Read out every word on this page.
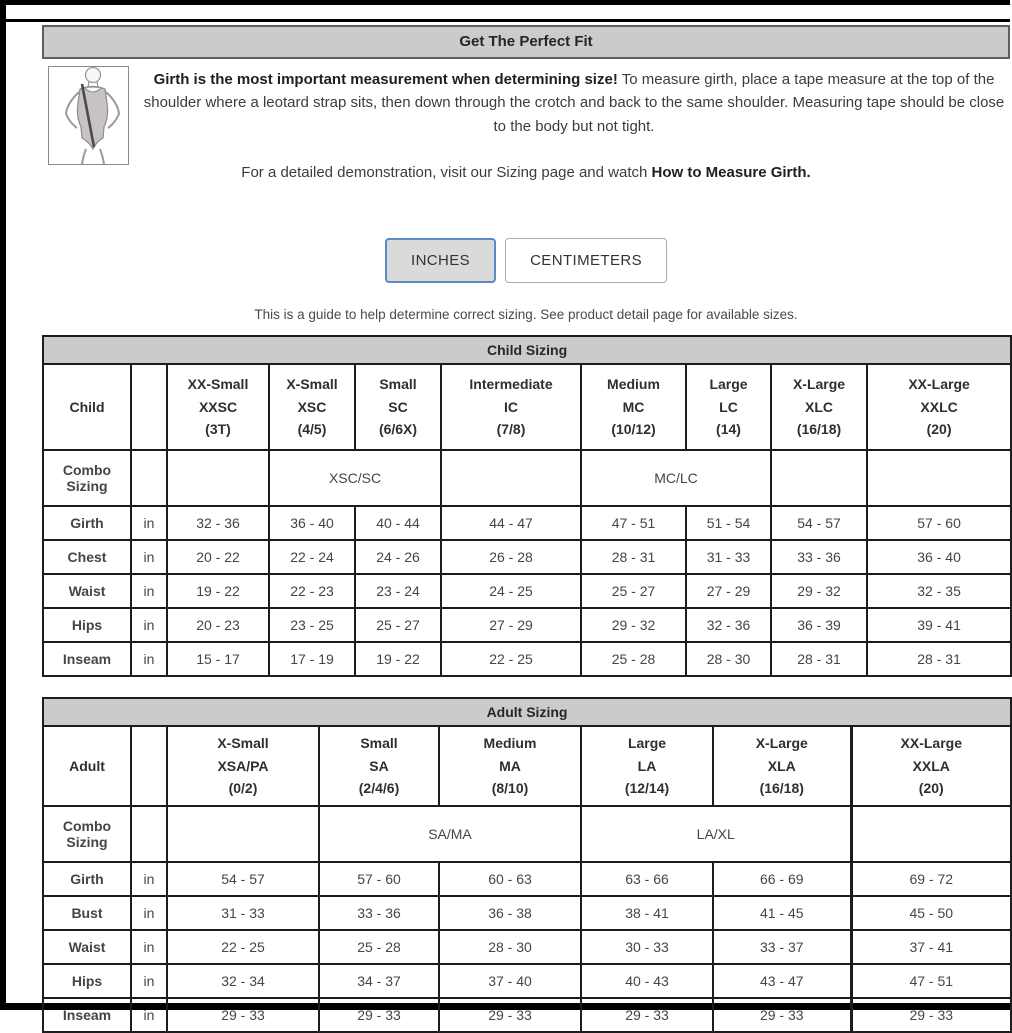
Get The Perfect Fit
Girth is the most important measurement when determining size! To measure girth, place a tape measure at the top of the shoulder where a leotard strap sits, then down through the crotch and back to the same shoulder. Measuring tape should be close to the body but not tight.
For a detailed demonstration, visit our Sizing page and watch How to Measure Girth.
INCHES	CENTIMETERS
This is a guide to help determine correct sizing. See product detail page for available sizes.
Child Sizing									
Child		XX-Small
XXSC
(3T)	X-Small
XSC
(4/5)	Small
SC
(6/6X)	Intermediate
IC
(7/8)	Medium
MC
(10/12)	Large
LC
(14)	X-Large
XLC
(16/18)	XX-Large
XXLC
(20)
Combo Sizing			XSC/SC			MC/LC			
Girth	in	32 - 36	36 - 40	40 - 44	44 - 47	47 - 51	51 - 54	54 - 57	57 - 60
Chest	in	20 - 22	22 - 24	24 - 26	26 - 28	28 - 31	31 - 33	33 - 36	36 - 40
Waist	in	19 - 22	22 - 23	23 - 24	24 - 25	25 - 27	27 - 29	29 - 32	32 - 35
Hips	in	20 - 23	23 - 25	25 - 27	27 - 29	29 - 32	32 - 36	36 - 39	39 - 41
Inseam	in	15 - 17	17 - 19	19 - 22	22 - 25	25 - 28	28 - 30	28 - 31	28 - 31
Adult Sizing							
Adult		X-Small
XSA/PA
(0/2)	Small
SA
(2/4/6)	Medium
MA
(8/10)	Large
LA
(12/14)	X-Large
XLA
(16/18)	XX-Large
XXLA
(20)
Combo Sizing			SA/MA		LA/XL		
Girth	in	54 - 57	57 - 60	60 - 63	63 - 66	66 - 69	69 - 72
Bust	in	31 - 33	33 - 36	36 - 38	38 - 41	41 - 45	45 - 50
Waist	in	22 - 25	25 - 28	28 - 30	30 - 33	33 - 37	37 - 41
Hips	in	32 - 34	34 - 37	37 - 40	40 - 43	43 - 47	47 - 51
Inseam	in	29 - 33	29 - 33	29 - 33	29 - 33	29 - 33	29 - 33
